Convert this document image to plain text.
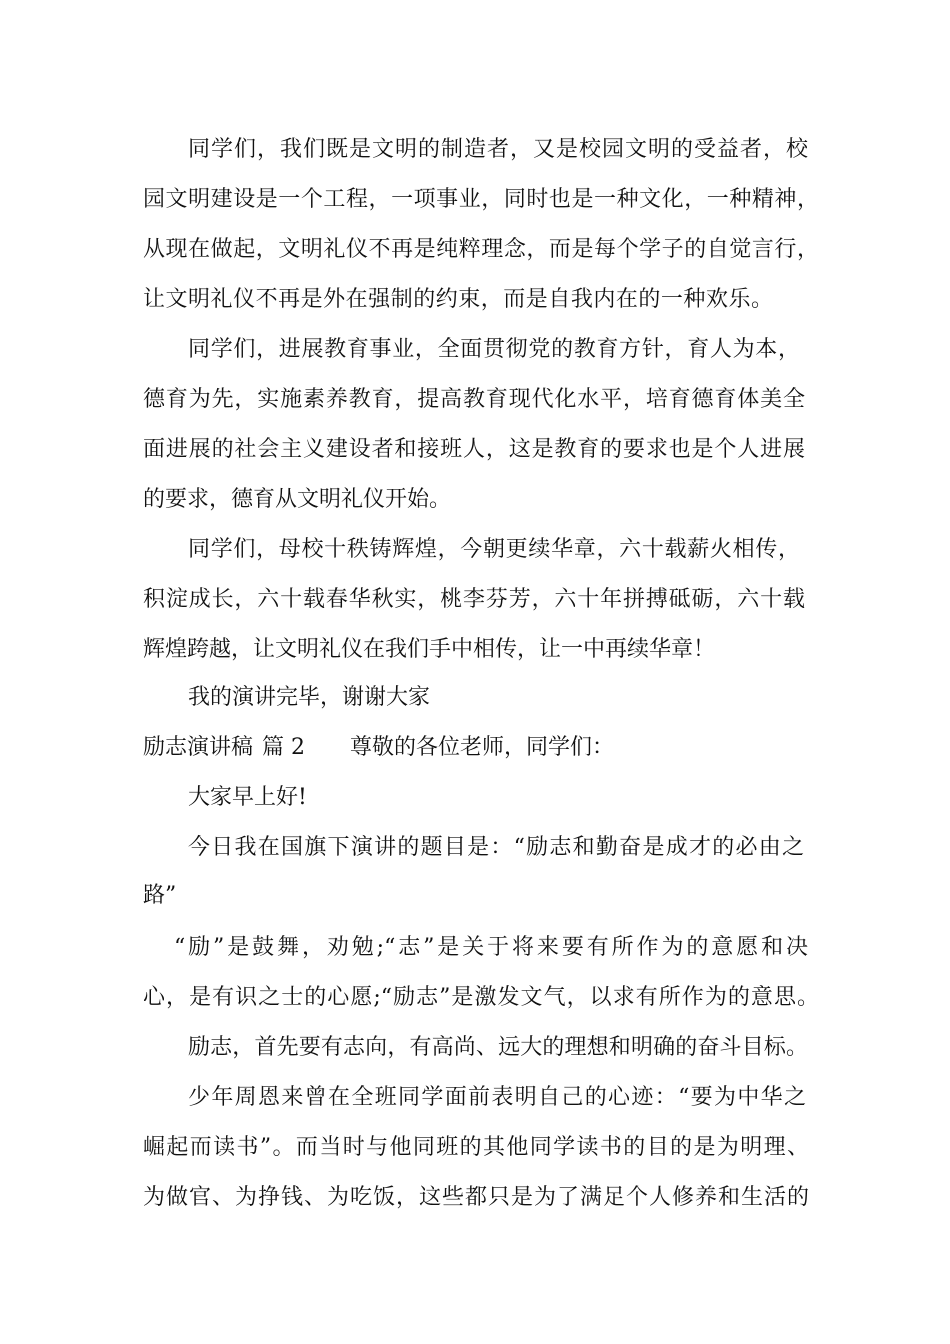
同学们，我们既是文明的制造者，又是校园文明的受益者，校
园文明建设是一个工程，一项事业，同时也是一种文化，一种精神，
从现在做起，文明礼仪不再是纯粹理念，而是每个学子的自觉言行，
让文明礼仪不再是外在强制的约束，而是自我内在的一种欢乐。
同学们，进展教育事业，全面贯彻党的教育方针，育人为本，
德育为先，实施素养教育，提高教育现代化水平，培育德育体美全
面进展的社会主义建设者和接班人，这是教育的要求也是个人进展
的要求，德育从文明礼仪开始。
同学们，母校十秩铸辉煌，今朝更续华章，六十载薪火相传，
积淀成长，六十载春华秋实，桃李芬芳，六十年拼搏砥砺，六十载
辉煌跨越，让文明礼仪在我们手中相传，让一中再续华章！
我的演讲完毕，谢谢大家
励志演讲稿 篇 2 尊敬的各位老师，同学们：
大家早上好!
今日我在国旗下演讲的题目是：“励志和勤奋是成才的必由之
路”
“励”是鼓舞，劝勉;“志”是关于将来要有所作为的意愿和决
心，是有识之士的心愿;“励志”是激发文气，以求有所作为的意思。
励志，首先要有志向，有高尚、远大的理想和明确的奋斗目标。
少年周恩来曾在全班同学面前表明自己的心迹：“要为中华之
崛起而读书”。而当时与他同班的其他同学读书的目的是为明理、
为做官、为挣钱、为吃饭，这些都只是为了满足个人修养和生活的
